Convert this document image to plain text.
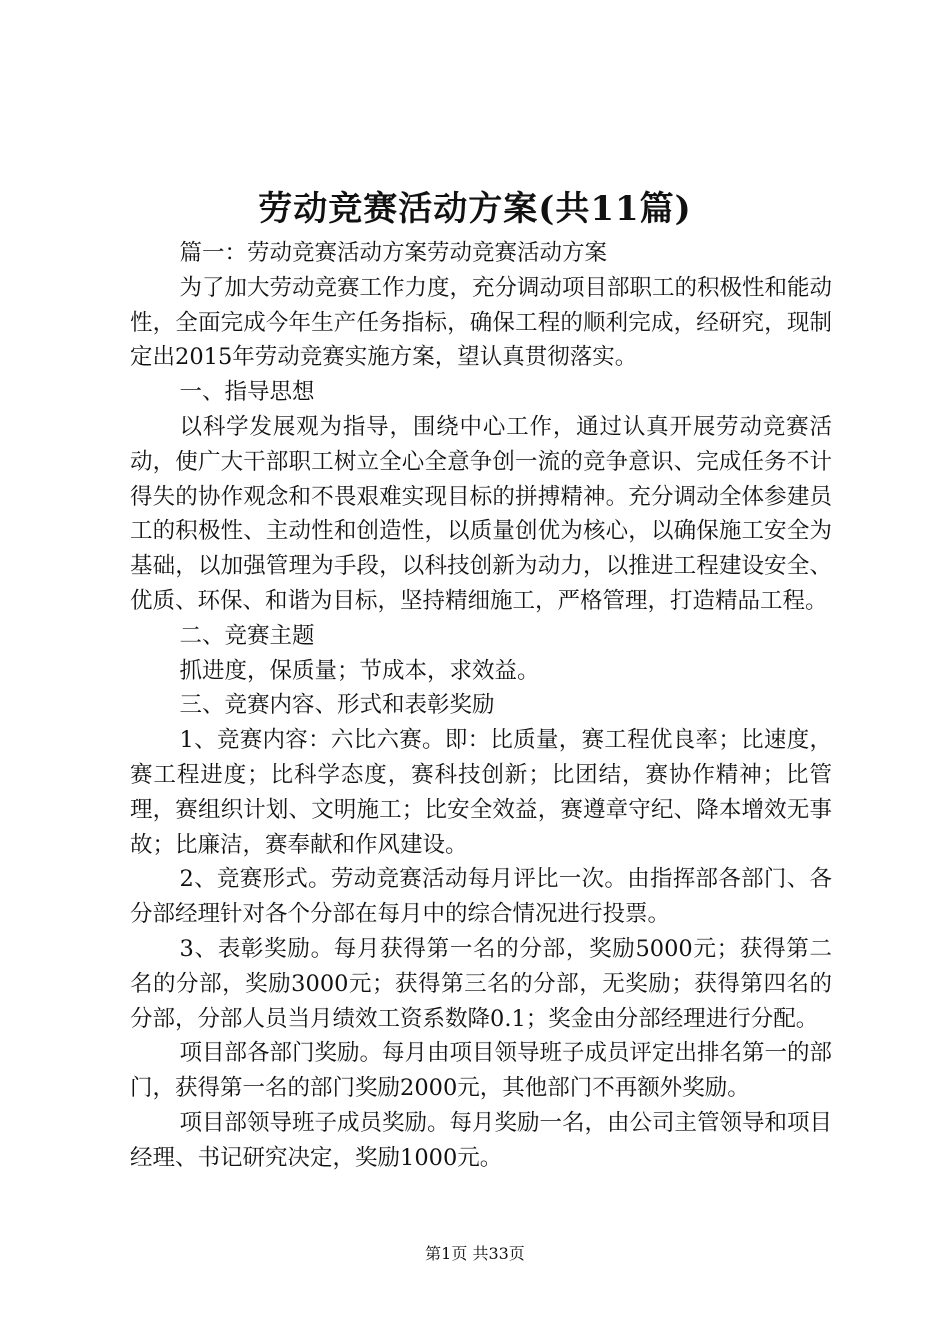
劳动竞赛活动方案(共11篇)

篇一：劳动竞赛活动方案劳动竞赛活动方案

为了加大劳动竞赛工作力度，充分调动项目部职工的积极性和能动性，全面完成今年生产任务指标，确保工程的顺利完成，经研究，现制定出2015年劳动竞赛实施方案，望认真贯彻落实。

一、指导思想

以科学发展观为指导，围绕中心工作，通过认真开展劳动竞赛活动，使广大干部职工树立全心全意争创一流的竞争意识、完成任务不计得失的协作观念和不畏艰难实现目标的拼搏精神。充分调动全体参建员工的积极性、主动性和创造性，以质量创优为核心，以确保施工安全为基础，以加强管理为手段，以科技创新为动力，以推进工程建设安全、优质、环保、和谐为目标，坚持精细施工，严格管理，打造精品工程。

二、竞赛主题

抓进度，保质量；节成本，求效益。

三、竞赛内容、形式和表彰奖励

1、竞赛内容：六比六赛。即：比质量，赛工程优良率；比速度，赛工程进度；比科学态度，赛科技创新；比团结，赛协作精神；比管理，赛组织计划、文明施工；比安全效益，赛遵章守纪、降本增效无事故；比廉洁，赛奉献和作风建设。

2、竞赛形式。劳动竞赛活动每月评比一次。由指挥部各部门、各分部经理针对各个分部在每月中的综合情况进行投票。

3、表彰奖励。每月获得第一名的分部，奖励5000元；获得第二名的分部，奖励3000元；获得第三名的分部，无奖励；获得第四名的分部，分部人员当月绩效工资系数降0.1；奖金由分部经理进行分配。

项目部各部门奖励。每月由项目领导班子成员评定出排名第一的部门，获得第一名的部门奖励2000元，其他部门不再额外奖励。

项目部领导班子成员奖励。每月奖励一名，由公司主管领导和项目经理、书记研究决定，奖励1000元。

第1页 共33页
